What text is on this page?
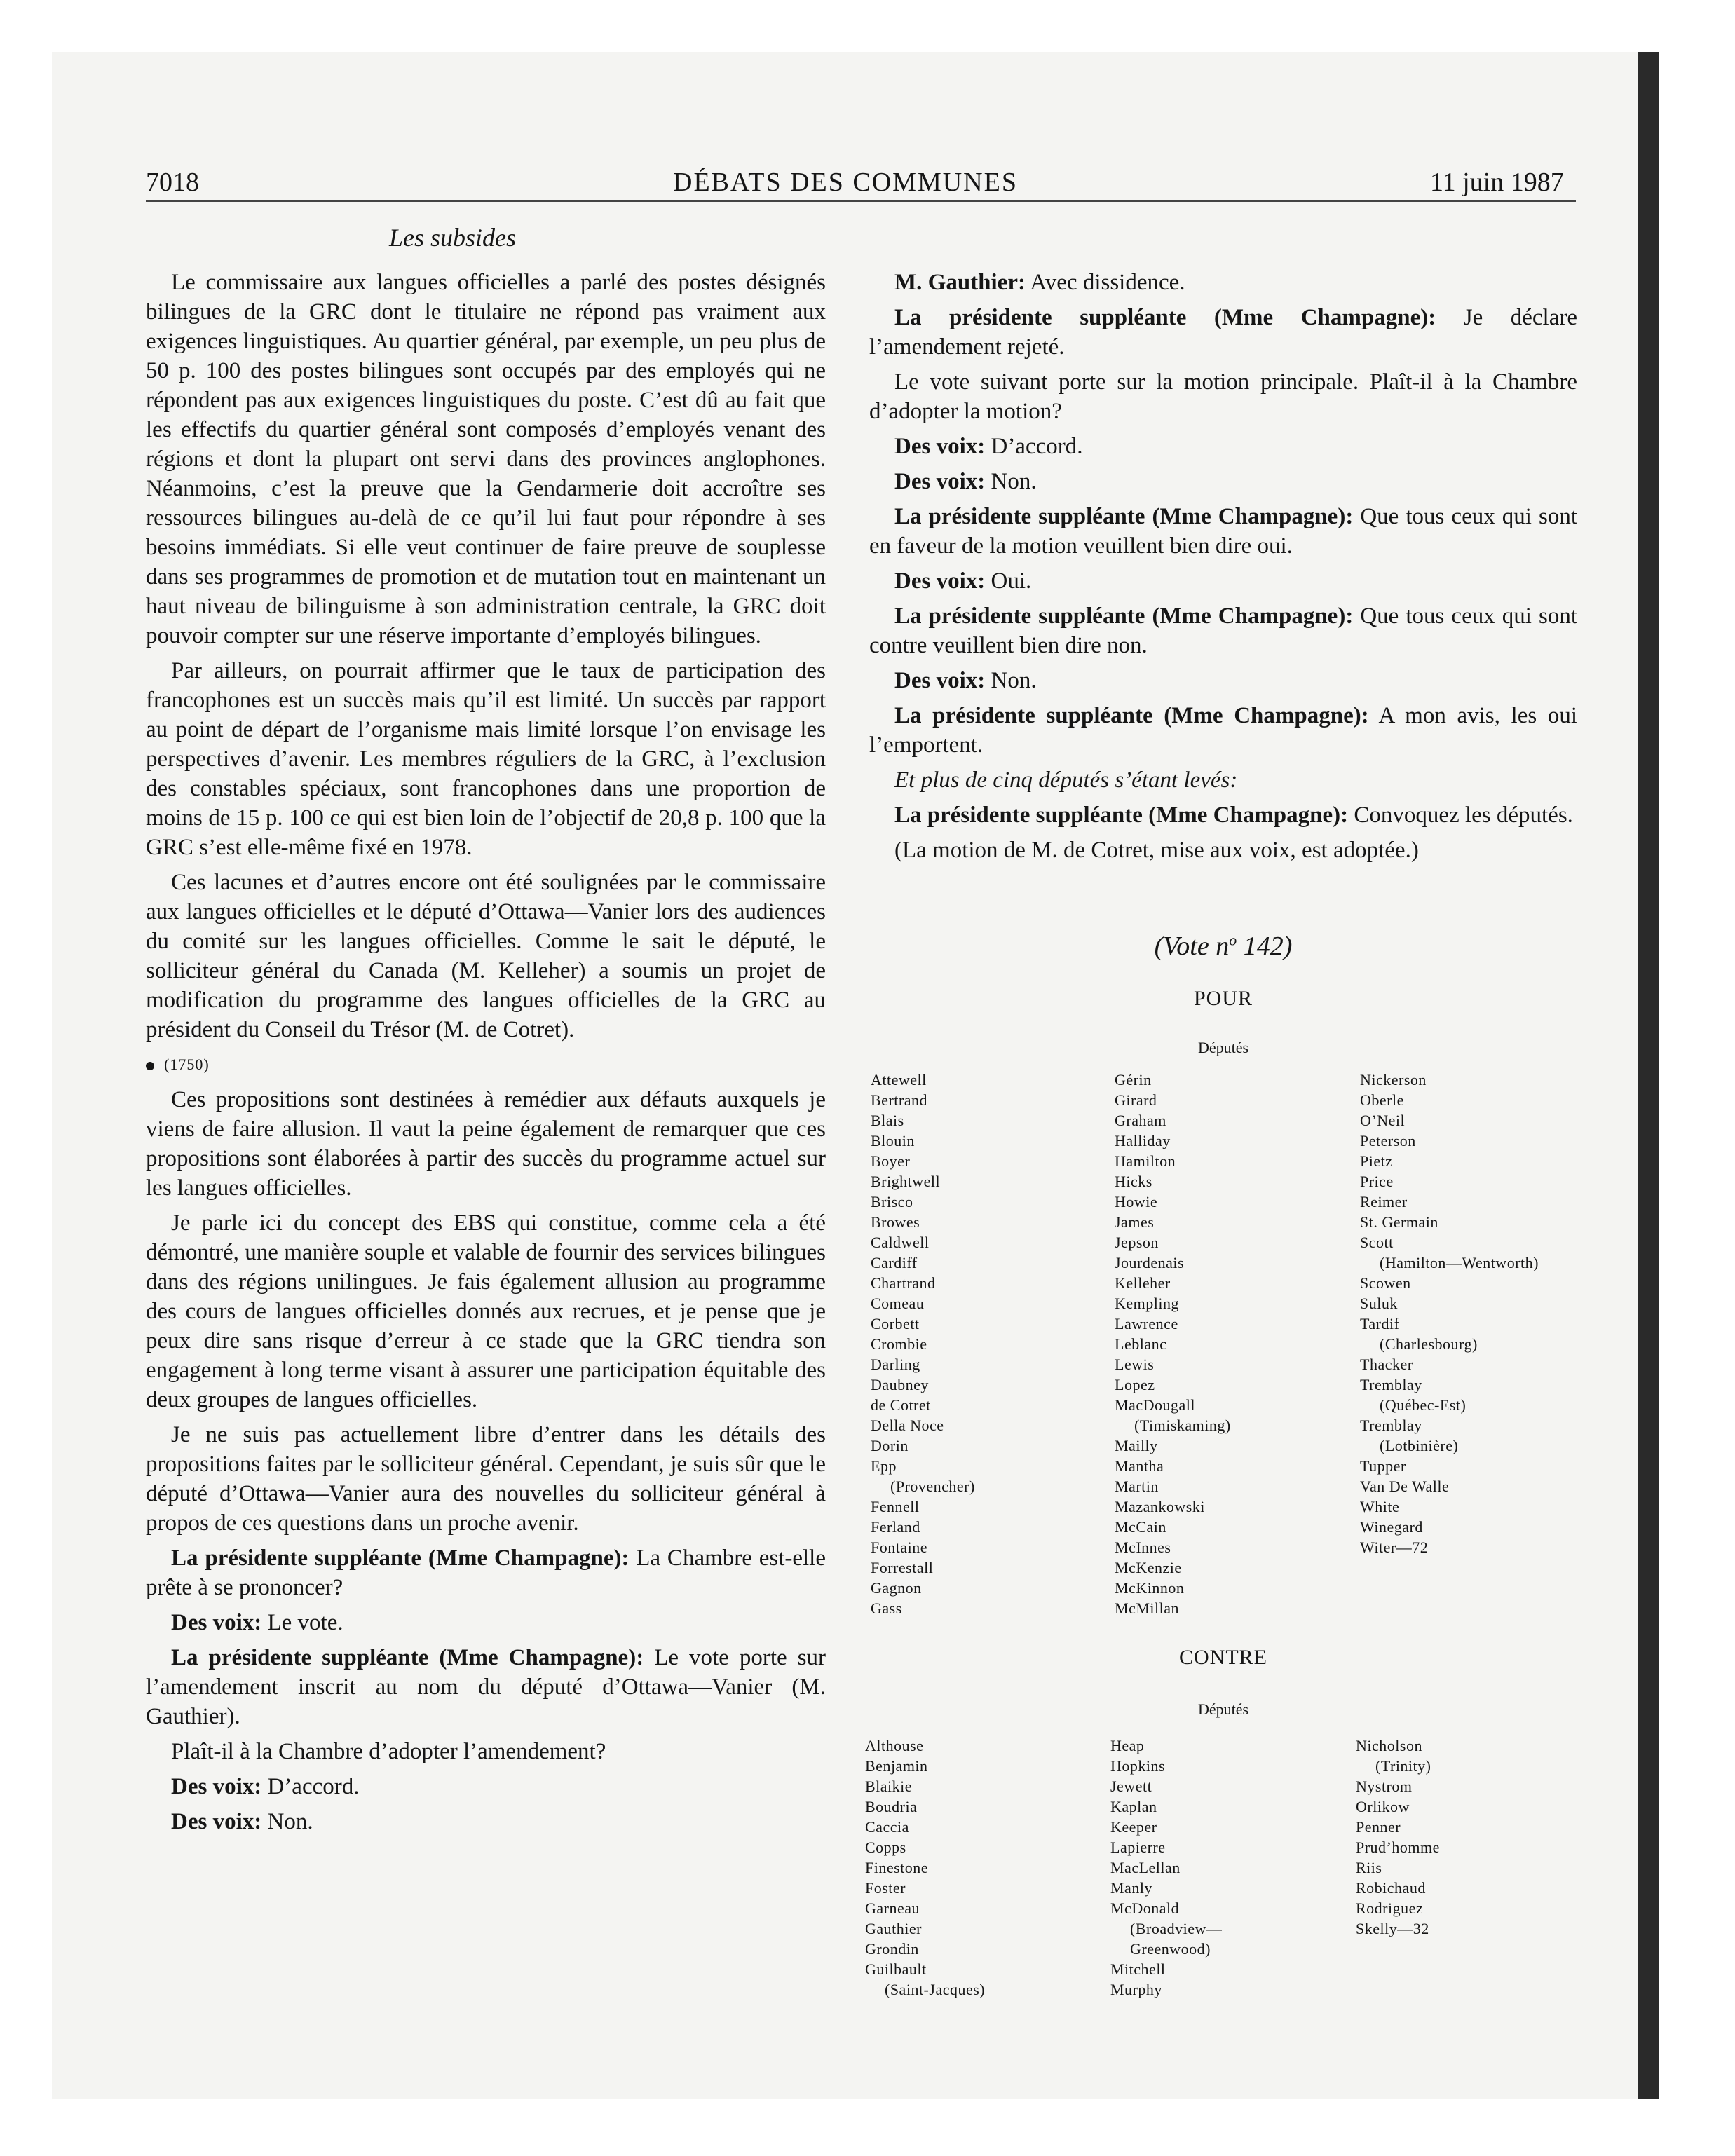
7018	DÉBATS DES COMMUNES	11 juin 1987
Les subsides

Le commissaire aux langues officielles a parlé des postes désignés bilingues de la GRC dont le titulaire ne répond pas vraiment aux exigences linguistiques. Au quartier général, par exemple, un peu plus de 50 p. 100 des postes bilingues sont occupés par des employés qui ne répondent pas aux exigences linguistiques du poste. C’est dû au fait que les effectifs du quartier général sont composés d’employés venant des régions et dont la plupart ont servi dans des provinces anglophones. Néanmoins, c’est la preuve que la Gendarmerie doit accroître ses ressources bilingues au-delà de ce qu’il lui faut pour répondre à ses besoins immédiats. Si elle veut continuer de faire preuve de souplesse dans ses programmes de promotion et de mutation tout en maintenant un haut niveau de bilinguisme à son administration centrale, la GRC doit pouvoir compter sur une réserve importante d’employés bilingues.

Par ailleurs, on pourrait affirmer que le taux de participation des francophones est un succès mais qu’il est limité. Un succès par rapport au point de départ de l’organisme mais limité lorsque l’on envisage les perspectives d’avenir. Les membres réguliers de la GRC, à l’exclusion des constables spéciaux, sont francophones dans une proportion de moins de 15 p. 100 ce qui est bien loin de l’objectif de 20,8 p. 100 que la GRC s’est elle-même fixé en 1978.

Ces lacunes et d’autres encore ont été soulignées par le commissaire aux langues officielles et le député d’Ottawa—Vanier lors des audiences du comité sur les langues officielles. Comme le sait le député, le solliciteur général du Canada (M. Kelleher) a soumis un projet de modification du programme des langues officielles de la GRC au président du Conseil du Trésor (M. de Cotret).

(1750)

Ces propositions sont destinées à remédier aux défauts auxquels je viens de faire allusion. Il vaut la peine également de remarquer que ces propositions sont élaborées à partir des succès du programme actuel sur les langues officielles.

Je parle ici du concept des EBS qui constitue, comme cela a été démontré, une manière souple et valable de fournir des services bilingues dans des régions unilingues. Je fais également allusion au programme des cours de langues officielles donnés aux recrues, et je pense que je peux dire sans risque d’erreur à ce stade que la GRC tiendra son engagement à long terme visant à assurer une participation équitable des deux groupes de langues officielles.

Je ne suis pas actuellement libre d’entrer dans les détails des propositions faites par le solliciteur général. Cependant, je suis sûr que le député d’Ottawa—Vanier aura des nouvelles du solliciteur général à propos de ces questions dans un proche avenir.

La présidente suppléante (Mme Champagne): La Chambre est-elle prête à se prononcer?

Des voix: Le vote.

La présidente suppléante (Mme Champagne): Le vote porte sur l’amendement inscrit au nom du député d’Ottawa—Vanier (M. Gauthier).

Plaît-il à la Chambre d’adopter l’amendement?

Des voix: D’accord.

Des voix: Non.

M. Gauthier: Avec dissidence.

La présidente suppléante (Mme Champagne): Je déclare l’amendement rejeté.

Le vote suivant porte sur la motion principale. Plaît-il à la Chambre d’adopter la motion?

Des voix: D’accord.

Des voix: Non.

La présidente suppléante (Mme Champagne): Que tous ceux qui sont en faveur de la motion veuillent bien dire oui.

Des voix: Oui.

La présidente suppléante (Mme Champagne): Que tous ceux qui sont contre veuillent bien dire non.

Des voix: Non.

La présidente suppléante (Mme Champagne): A mon avis, les oui l’emportent.

Et plus de cinq députés s’étant levés:

La présidente suppléante (Mme Champagne): Convoquez les députés.

(La motion de M. de Cotret, mise aux voix, est adoptée.)

(Vote $n^o$ 142)
POUR
Députés
Attewell
Bertrand
Blais
Blouin
Boyer
Brightwell
Brisco
Browes
Caldwell
Cardiff
Chartrand
Comeau
Corbett
Crombie
Darling
Daubney
de Cotret
Della Noce
Dorin
Epp
(Provencher)
Fennell
Ferland
Fontaine
Forrestall
Gagnon
Gass
Gérin
Girard
Graham
Halliday
Hamilton
Hicks
Howie
James
Jepson
Jourdenais
Kelleher
Kempling
Lawrence
Leblanc
Lewis
Lopez
MacDougall
(Timiskaming)
Mailly
Mantha
Martin
Mazankowski
McCain
McInnes
McKenzie
McKinnon
McMillan
Nickerson
Oberle
O’Neil
Peterson
Pietz
Price
Reimer
St. Germain
Scott
(Hamilton—Wentworth)
Scowen
Suluk
Tardif
(Charlesbourg)
Thacker
Tremblay
(Québec-Est)
Tremblay
(Lotbinière)
Tupper
Van De Walle
White
Winegard
Witer—72
CONTRE
Députés
Althouse
Benjamin
Blaikie
Boudria
Caccia
Copps
Finestone
Foster
Garneau
Gauthier
Grondin
Guilbault
(Saint-Jacques)
Heap
Hopkins
Jewett
Kaplan
Keeper
Lapierre
MacLellan
Manly
McDonald
(Broadview—
Greenwood)
Mitchell
Murphy
Nicholson
(Trinity)
Nystrom
Orlikow
Penner
Prud’homme
Riis
Robichaud
Rodriguez
Skelly—32
